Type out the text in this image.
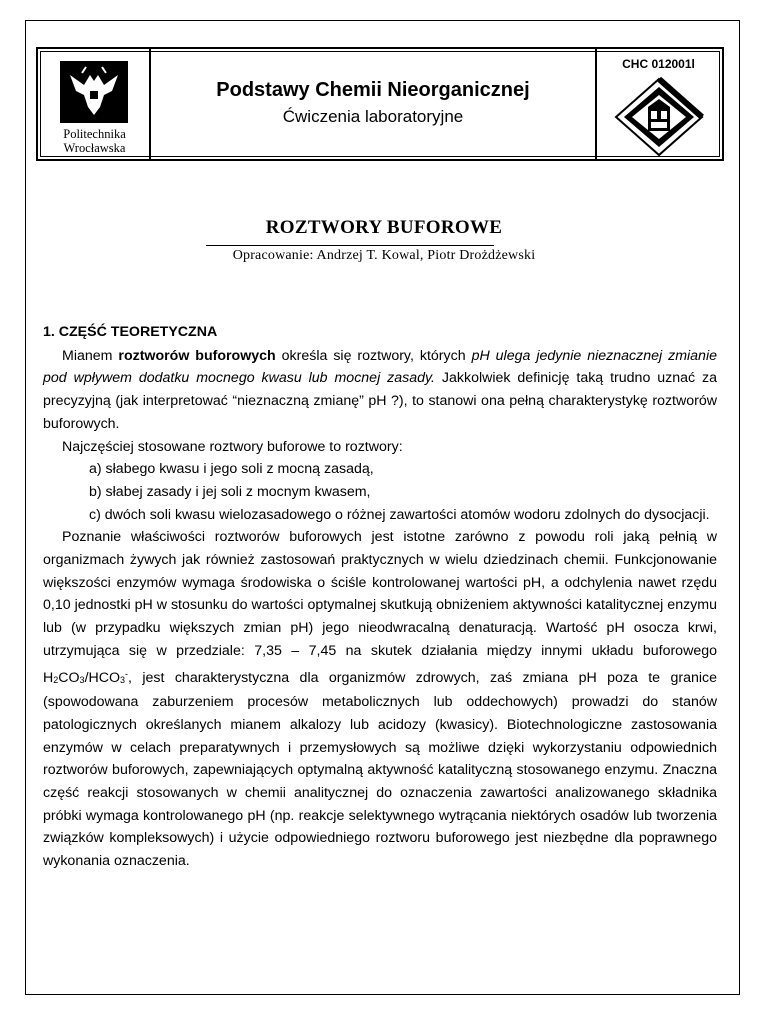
Politechnika
Wrocławska
Podstawy Chemii Nieorganicznej
Ćwiczenia laboratoryjne
CHC 012001l
ROZTWORY BUFOROWE
Opracowanie: Andrzej T. Kowal, Piotr Drożdżewski
1. CZĘŚĆ TEORETYCZNA

Mianem roztworów buforowych określa się roztwory, których pH ulega jedynie nieznacznej zmianie pod wpływem dodatku mocnego kwasu lub mocnej zasady. Jakkolwiek definicję taką trudno uznać za precyzyjną (jak interpretować “nieznaczną zmianę” pH ?), to stanowi ona pełną charakterystykę roztworów buforowych.

Najczęściej stosowane roztwory buforowe to roztwory:

a) słabego kwasu i jego soli z mocną zasadą,

b) słabej zasady i jej soli z mocnym kwasem,

c) dwóch soli kwasu wielozasadowego o różnej zawartości atomów wodoru zdolnych do dysocjacji.

Poznanie właściwości roztworów buforowych jest istotne zarówno z powodu roli jaką pełnią w organizmach żywych jak również zastosowań praktycznych w wielu dziedzinach chemii. Funkcjonowanie większości enzymów wymaga środowiska o ściśle kontrolowanej wartości pH, a odchylenia nawet rzędu 0,10 jednostki pH w stosunku do wartości optymalnej skutkują obniżeniem aktywności katalitycznej enzymu lub (w przypadku większych zmian pH) jego nieodwracalną denaturacją. Wartość pH osocza krwi, utrzymująca się w przedziale: 7,35 – 7,45 na skutek działania między innymi układu buforowego $H_2CO_3/HCO_3^-$, jest charakterystyczna dla organizmów zdrowych, zaś zmiana pH poza te granice (spowodowana zaburzeniem procesów metabolicznych lub oddechowych) prowadzi do stanów patologicznych określanych mianem alkalozy lub acidozy (kwasicy). Biotechnologiczne zastosowania enzymów w celach preparatywnych i przemysłowych są możliwe dzięki wykorzystaniu odpowiednich roztworów buforowych, zapewniających optymalną aktywność katalityczną stosowanego enzymu. Znaczna część reakcji stosowanych w chemii analitycznej do oznaczenia zawartości analizowanego składnika próbki wymaga kontrolowanego pH (np. reakcje selektywnego wytrącania niektórych osadów lub tworzenia związków kompleksowych) i użycie odpowiedniego roztworu buforowego jest niezbędne dla poprawnego wykonania oznaczenia.
